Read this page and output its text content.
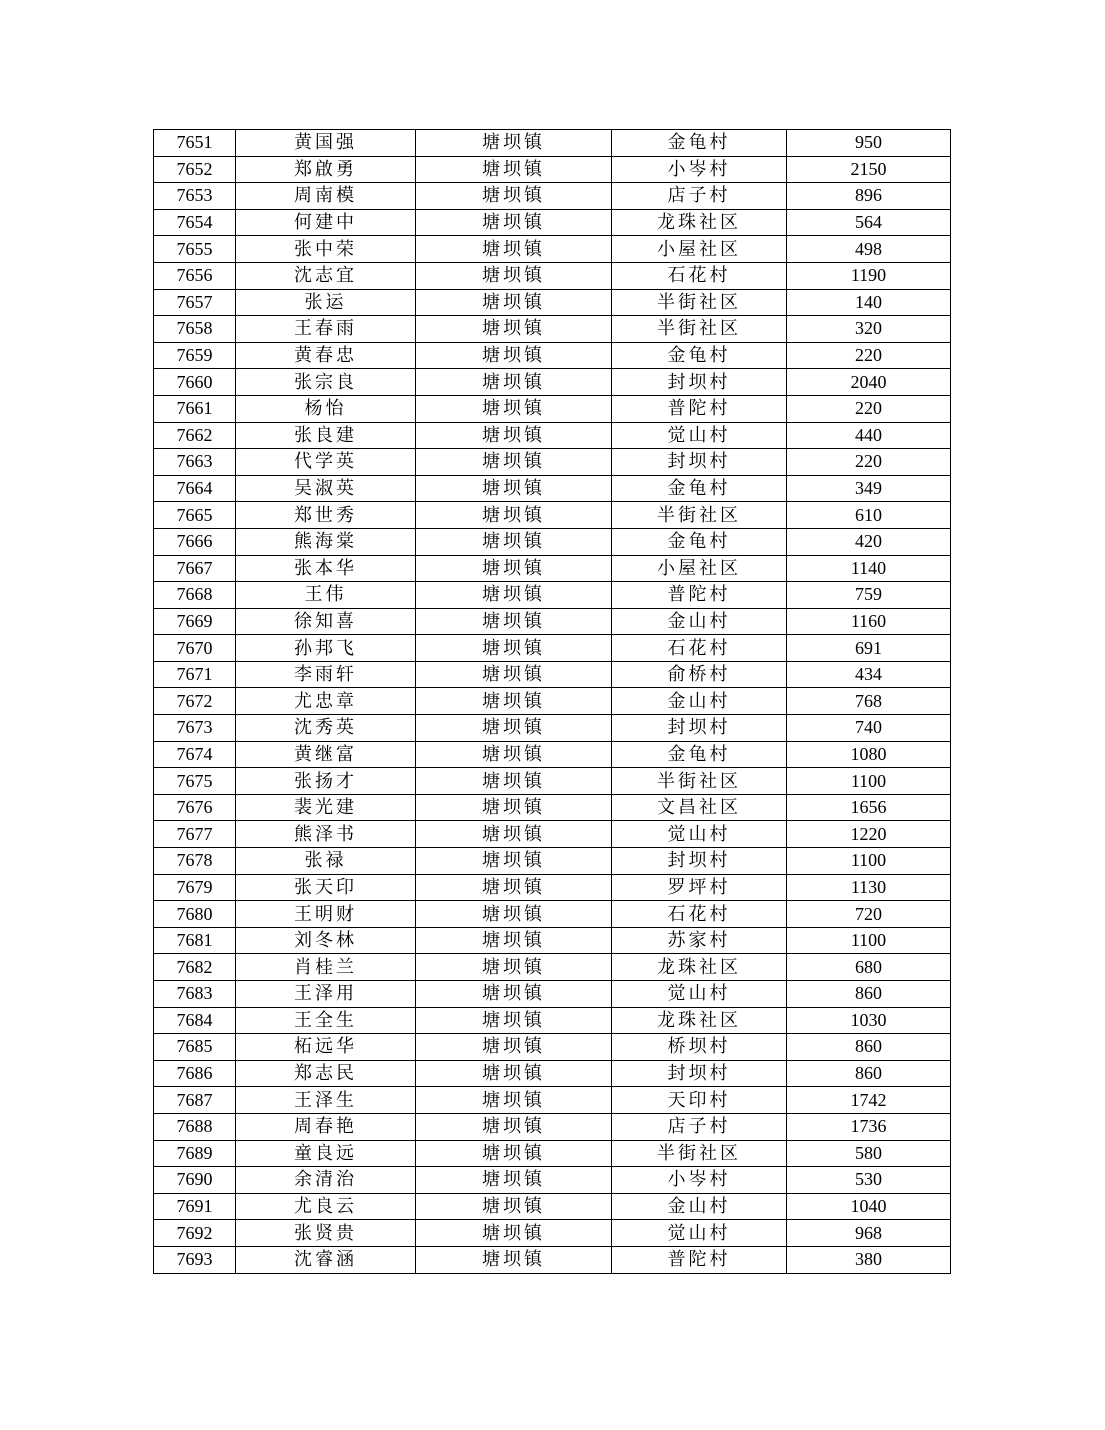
7651	黄国强	塘坝镇	金龟村	950
7652	郑啟勇	塘坝镇	小岑村	2150
7653	周南模	塘坝镇	店子村	896
7654	何建中	塘坝镇	龙珠社区	564
7655	张中荣	塘坝镇	小屋社区	498
7656	沈志宜	塘坝镇	石花村	1190
7657	张运	塘坝镇	半街社区	140
7658	王春雨	塘坝镇	半街社区	320
7659	黄春忠	塘坝镇	金龟村	220
7660	张宗良	塘坝镇	封坝村	2040
7661	杨怡	塘坝镇	普陀村	220
7662	张良建	塘坝镇	觉山村	440
7663	代学英	塘坝镇	封坝村	220
7664	吴淑英	塘坝镇	金龟村	349
7665	郑世秀	塘坝镇	半街社区	610
7666	熊海棠	塘坝镇	金龟村	420
7667	张本华	塘坝镇	小屋社区	1140
7668	王伟	塘坝镇	普陀村	759
7669	徐知喜	塘坝镇	金山村	1160
7670	孙邦飞	塘坝镇	石花村	691
7671	李雨轩	塘坝镇	俞桥村	434
7672	尤忠章	塘坝镇	金山村	768
7673	沈秀英	塘坝镇	封坝村	740
7674	黄继富	塘坝镇	金龟村	1080
7675	张扬才	塘坝镇	半街社区	1100
7676	裴光建	塘坝镇	文昌社区	1656
7677	熊泽书	塘坝镇	觉山村	1220
7678	张禄	塘坝镇	封坝村	1100
7679	张天印	塘坝镇	罗坪村	1130
7680	王明财	塘坝镇	石花村	720
7681	刘冬林	塘坝镇	苏家村	1100
7682	肖桂兰	塘坝镇	龙珠社区	680
7683	王泽用	塘坝镇	觉山村	860
7684	王全生	塘坝镇	龙珠社区	1030
7685	柘远华	塘坝镇	桥坝村	860
7686	郑志民	塘坝镇	封坝村	860
7687	王泽生	塘坝镇	天印村	1742
7688	周春艳	塘坝镇	店子村	1736
7689	童良远	塘坝镇	半街社区	580
7690	余清治	塘坝镇	小岑村	530
7691	尤良云	塘坝镇	金山村	1040
7692	张贤贵	塘坝镇	觉山村	968
7693	沈睿涵	塘坝镇	普陀村	380
